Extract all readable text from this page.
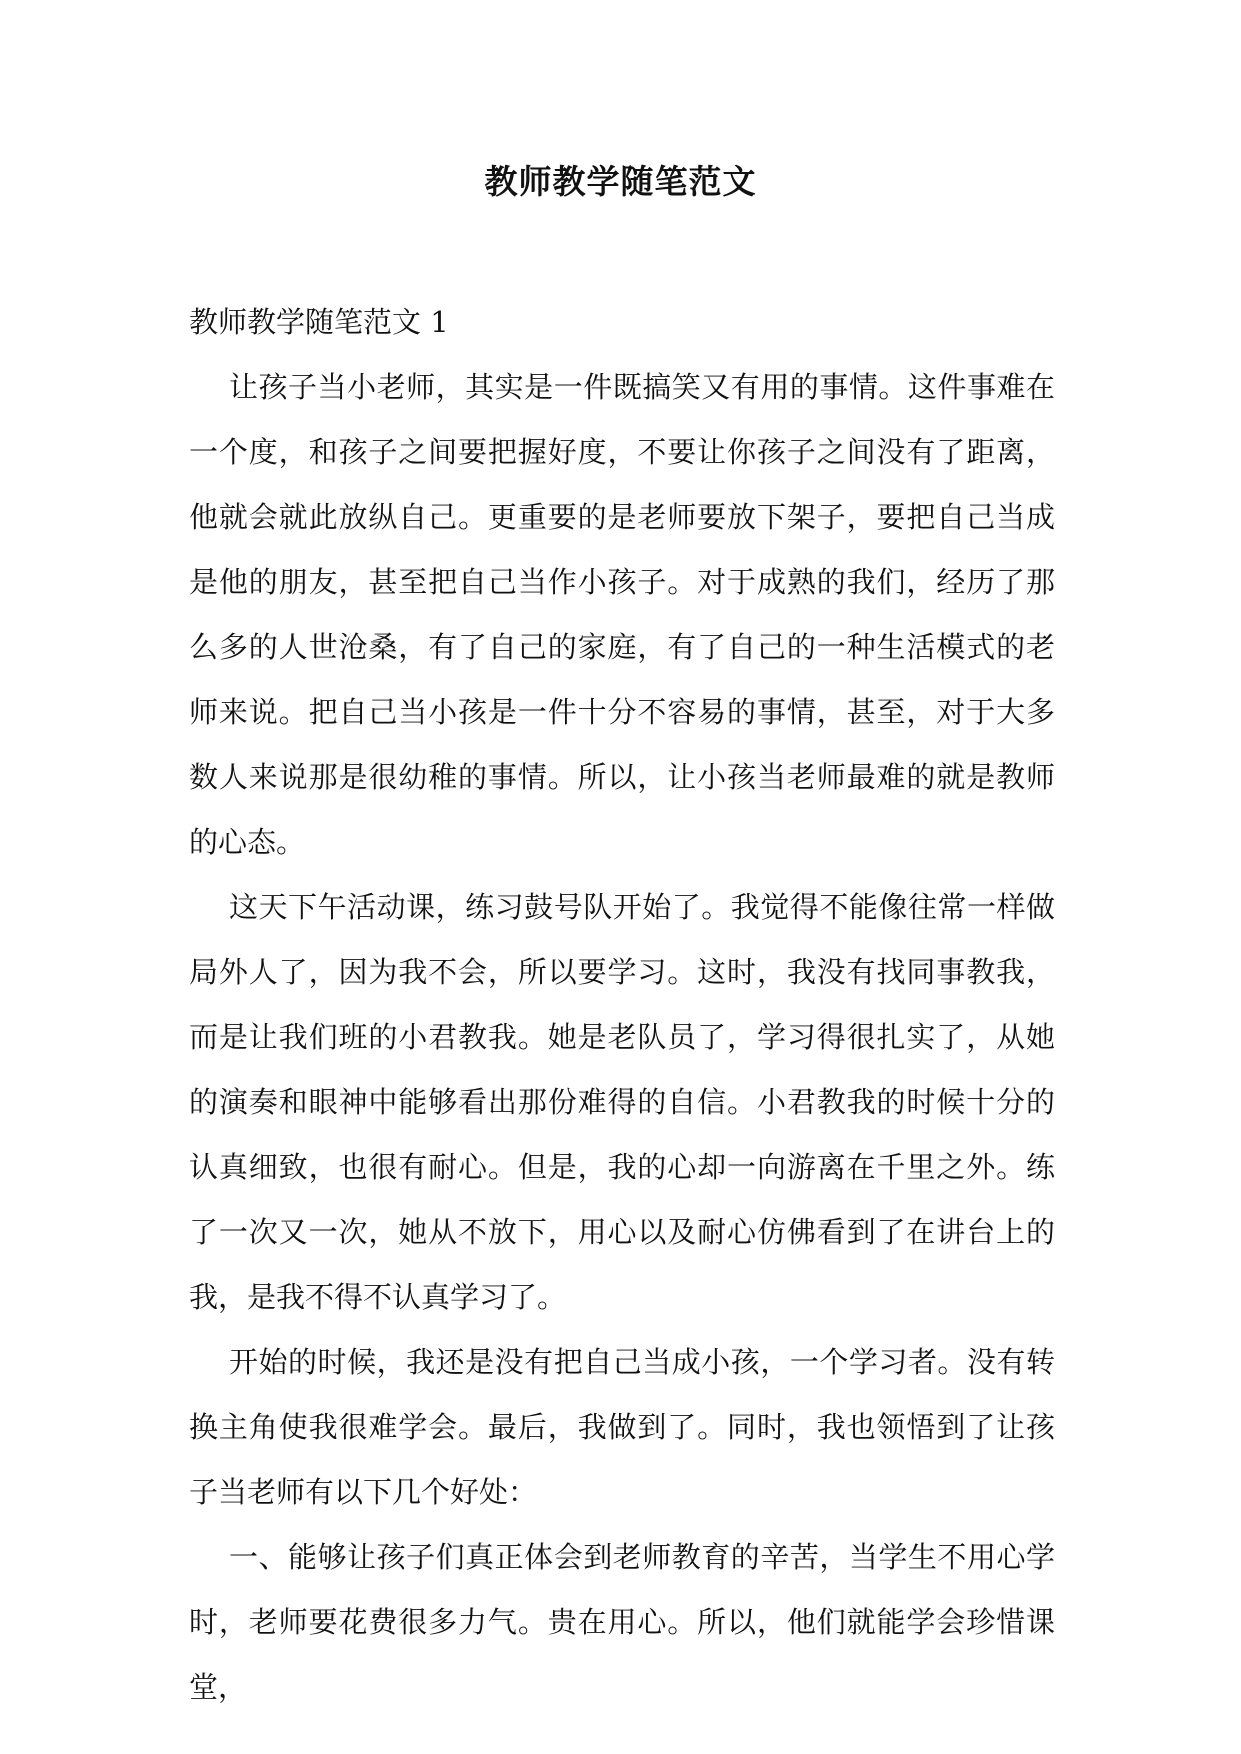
教师教学随笔范文

教师教学随笔范文 1

让孩子当小老师，其实是一件既搞笑又有用的事情。这件事难在一个度，和孩子之间要把握好度，不要让你孩子之间没有了距离，他就会就此放纵自己。更重要的是老师要放下架子，要把自己当成是他的朋友，甚至把自己当作小孩子。对于成熟的我们，经历了那么多的人世沧桑，有了自己的家庭，有了自己的一种生活模式的老师来说。把自己当小孩是一件十分不容易的事情，甚至，对于大多数人来说那是很幼稚的事情。所以，让小孩当老师最难的就是教师的心态。

这天下午活动课，练习鼓号队开始了。我觉得不能像往常一样做局外人了，因为我不会，所以要学习。这时，我没有找同事教我，而是让我们班的小君教我。她是老队员了，学习得很扎实了，从她的演奏和眼神中能够看出那份难得的自信。小君教我的时候十分的认真细致，也很有耐心。但是，我的心却一向游离在千里之外。练了一次又一次，她从不放下，用心以及耐心仿佛看到了在讲台上的我，是我不得不认真学习了。

开始的时候，我还是没有把自己当成小孩，一个学习者。没有转换主角使我很难学会。最后，我做到了。同时，我也领悟到了让孩子当老师有以下几个好处：

一、能够让孩子们真正体会到老师教育的辛苦，当学生不用心学时，老师要花费很多力气。贵在用心。所以，他们就能学会珍惜课堂，
